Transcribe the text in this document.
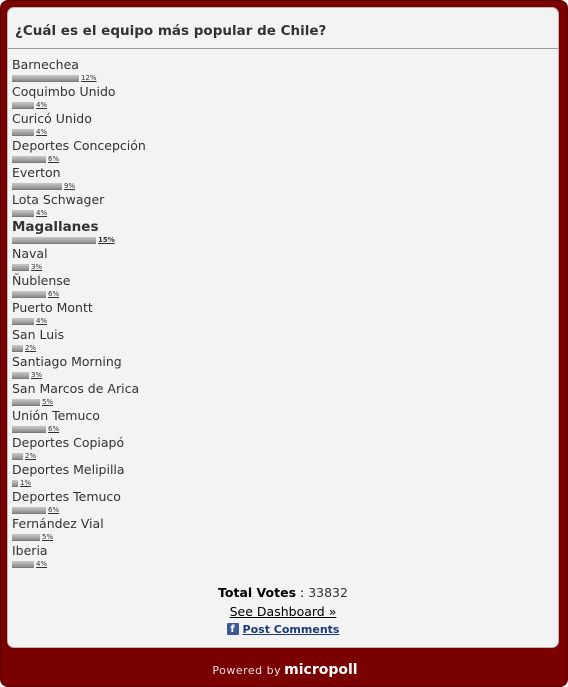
¿Cuál es el equipo más popular de Chile?
Barnechea
12%
Coquimbo Unido
4%
Curicó Unido
4%
Deportes Concepción
6%
Everton
9%
Lota Schwager
4%
Magallanes
15%
Naval
3%
Ñublense
6%
Puerto Montt
4%
San Luis
2%
Santiago Morning
3%
San Marcos de Arica
5%
Unión Temuco
6%
Deportes Copiapó
2%
Deportes Melipilla
1%
Deportes Temuco
6%
Fernández Vial
5%
Iberia
4%
Total Votes : 33832
See Dashboard »
f Post Comments
Powered by micropoll
